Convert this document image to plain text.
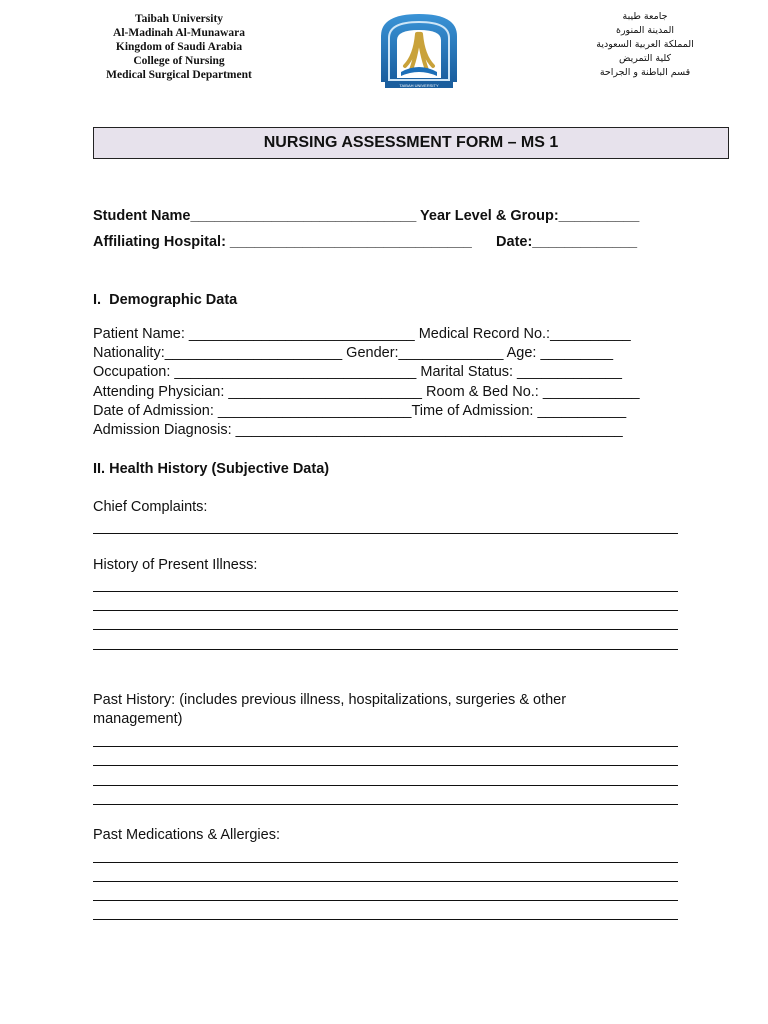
Taibah University
Al-Madinah Al-Munawara
Kingdom of Saudi Arabia
College of Nursing
Medical Surgical Department
TAIBAH UNIVERSITY
جامعة طيبة
المدينة المنورة
المملكة العربية السعودية
كلية التمريض
قسم الباطنة و الجراحة
NURSING ASSESSMENT FORM – MS 1
Student Name____________________________ Year Level & Group:__________
Affiliating Hospital: ______________________________      Date:_____________
I.  Demographic Data
Patient Name: ____________________________ Medical Record No.:__________
Nationality:______________________ Gender:_____________ Age: _________
Occupation: ______________________________ Marital Status: _____________
Attending Physician: ________________________ Room & Bed No.: ____________
Date of Admission: ________________________Time of Admission: ___________
Admission Diagnosis: ________________________________________________
II. Health History (Subjective Data)
Chief Complaints:
History of Present Illness:
Past History: (includes previous illness, hospitalizations, surgeries & other
management)
Past Medications & Allergies:
